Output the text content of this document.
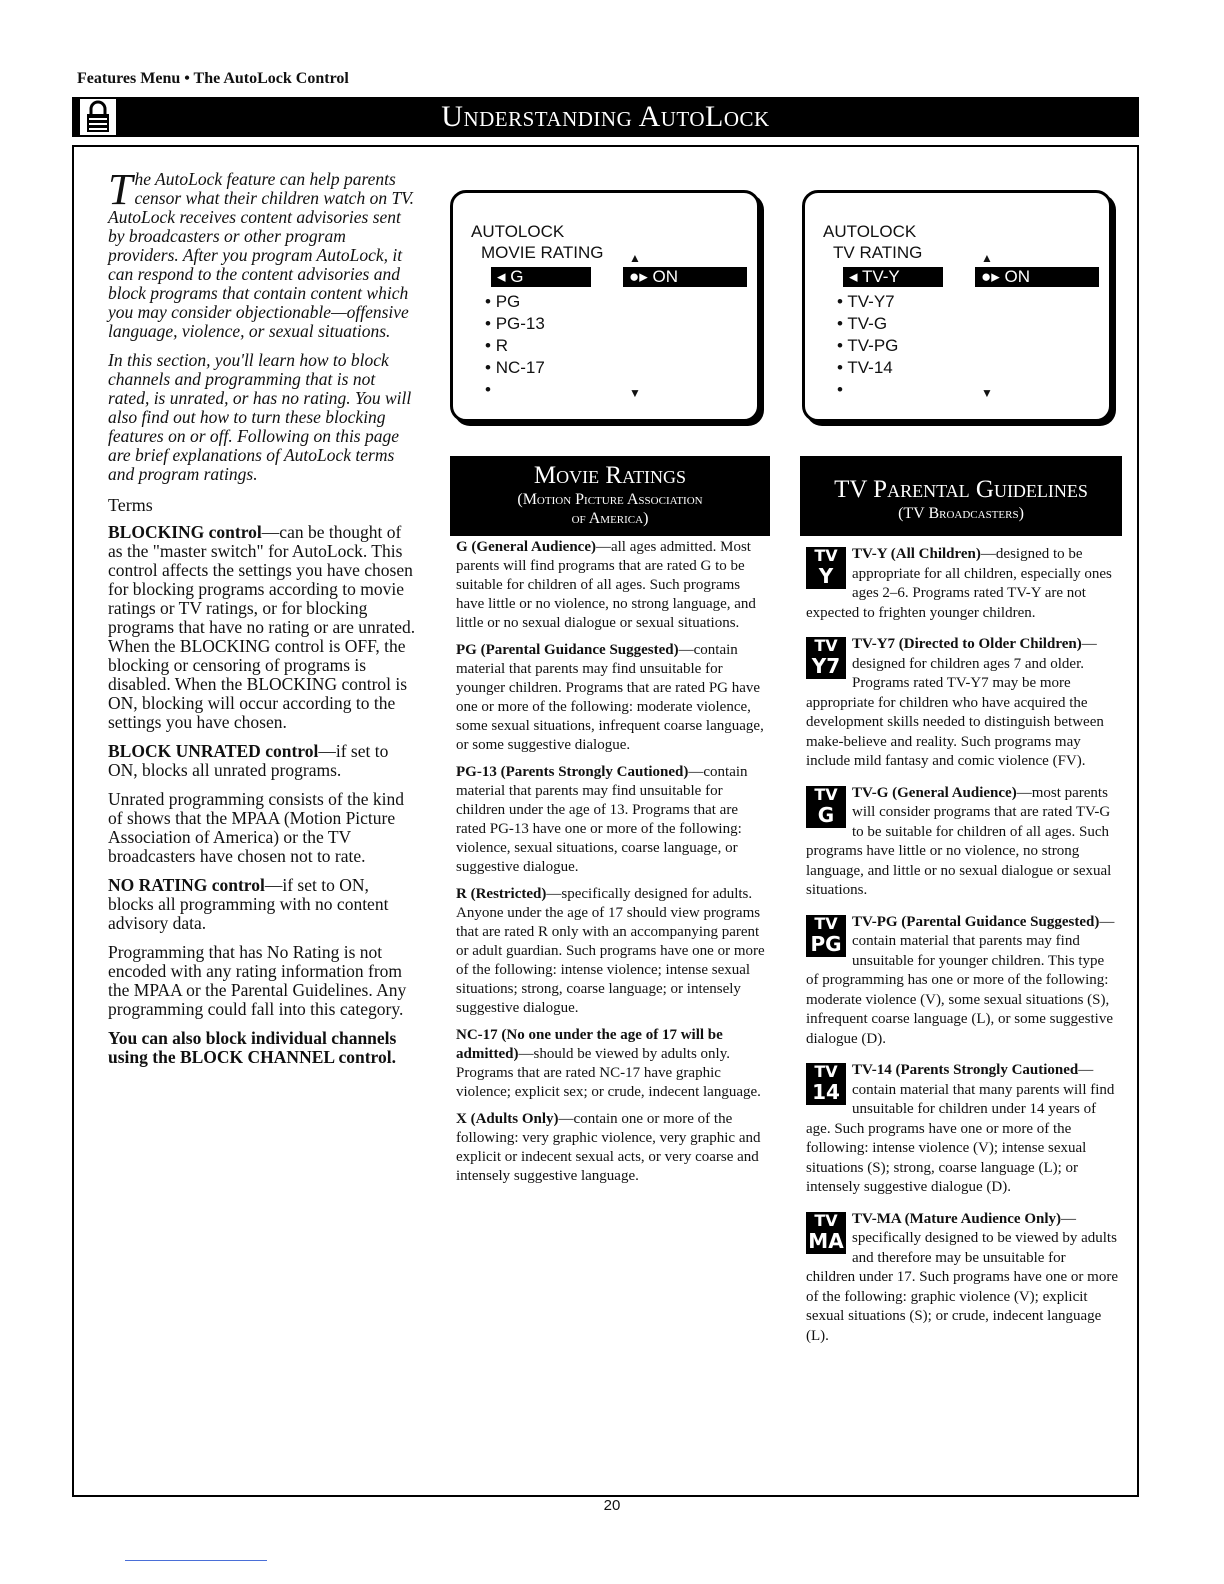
Features Menu • The AutoLock Control
Understanding AutoLock

The AutoLock feature can help parents censor what their children watch on TV. AutoLock receives content advisories sent by broadcasters or other program providers. After you program AutoLock, it can respond to the content advisories and block programs that contain content which you may consider objectionable—offensive language, violence, or sexual situations.

In this section, you'll learn how to block channels and programming that is not rated, is unrated, or has no rating. You will also find out how to turn these blocking features on or off. Following on this page are brief explanations of AutoLock terms and program ratings.

Terms

BLOCKING control—can be thought of as the "master switch" for AutoLock. This control affects the settings you have chosen for blocking programs according to movie ratings or TV ratings, or for blocking programs that have no rating or are unrated. When the BLOCKING control is OFF, the blocking or censoring of programs is disabled. When the BLOCKING control is ON, blocking will occur according to the settings you have chosen.

BLOCK UNRATED control—if set to ON, blocks all unrated programs.

Unrated programming consists of the kind of shows that the MPAA (Motion Picture Association of America) or the TV broadcasters have chosen not to rate.

NO RATING control—if set to ON, blocks all programming with no content advisory data.

Programming that has No Rating is not encoded with any rating information from the MPAA or the Parental Guidelines. Any programming could fall into this category.

You can also block individual channels using the BLOCK CHANNEL control.

AUTOLOCK
MOVIE RATING ▲
◂ G	●▸ ON
• PG
• PG-13
• R
• NC-17
•	▼
AUTOLOCK
TV RATING	▲
◂ TV-Y	●▸ ON
• TV-Y7
• TV-G
• TV-PG
• TV-14
•	▼
Movie Ratings
(Motion Picture Association
of America)
TV Parental Guidelines
(TV Broadcasters)

G (General Audience)—all ages admitted. Most parents will find programs that are rated G to be suitable for children of all ages. Such programs have little or no violence, no strong language, and little or no sexual dialogue or sexual situations.

PG (Parental Guidance Suggested)—contain material that parents may find unsuitable for younger children. Programs that are rated PG have one or more of the following: moderate violence, some sexual situations, infrequent coarse language, or some suggestive dialogue.

PG-13 (Parents Strongly Cautioned)—contain material that parents may find unsuitable for children under the age of 13. Programs that are rated PG-13 have one or more of the following: violence, sexual situations, coarse language, or suggestive dialogue.

R (Restricted)—specifically designed for adults. Anyone under the age of 17 should view programs that are rated R only with an accompanying parent or adult guardian. Such programs have one or more of the following: intense violence; intense sexual situations; strong, coarse language; or intensely suggestive dialogue.

NC-17 (No one under the age of 17 will be admitted)—should be viewed by adults only. Programs that are rated NC-17 have graphic violence; explicit sex; or crude, indecent language.

X (Adults Only)—contain one or more of the following: very graphic violence, very graphic and explicit or indecent sexual acts, or very coarse and intensely suggestive language.

TV
Y
TV-Y (All Children)—designed to be appropriate for all children, especially ones ages 2–6. Programs rated TV-Y are not expected to frighten younger children.
TV
Y7
TV-Y7 (Directed to Older Children)—designed for children ages 7 and older. Programs rated TV-Y7 may be more appropriate for children who have acquired the development skills needed to distinguish between make-believe and reality. Such programs may include mild fantasy and comic violence (FV).
TV
G
TV-G (General Audience)—most parents will consider programs that are rated TV-G to be suitable for children of all ages. Such programs have little or no violence, no strong language, and little or no sexual dialogue or sexual situations.
TV
PG
TV-PG (Parental Guidance Suggested)—contain material that parents may find unsuitable for younger children. This type of programming has one or more of the following: moderate violence (V), some sexual situations (S), infrequent coarse language (L), or some suggestive dialogue (D).
TV
14
TV-14 (Parents Strongly Cautioned—contain material that many parents will find unsuitable for children under 14 years of age. Such programs have one or more of the following: intense violence (V); intense sexual situations (S); strong, coarse language (L); or intensely suggestive dialogue (D).
TV
MA
TV-MA (Mature Audience Only)—specifically designed to be viewed by adults and therefore may be unsuitable for children under 17. Such programs have one or more of the following: graphic violence (V); explicit sexual situations (S); or crude, indecent language (L).
20
